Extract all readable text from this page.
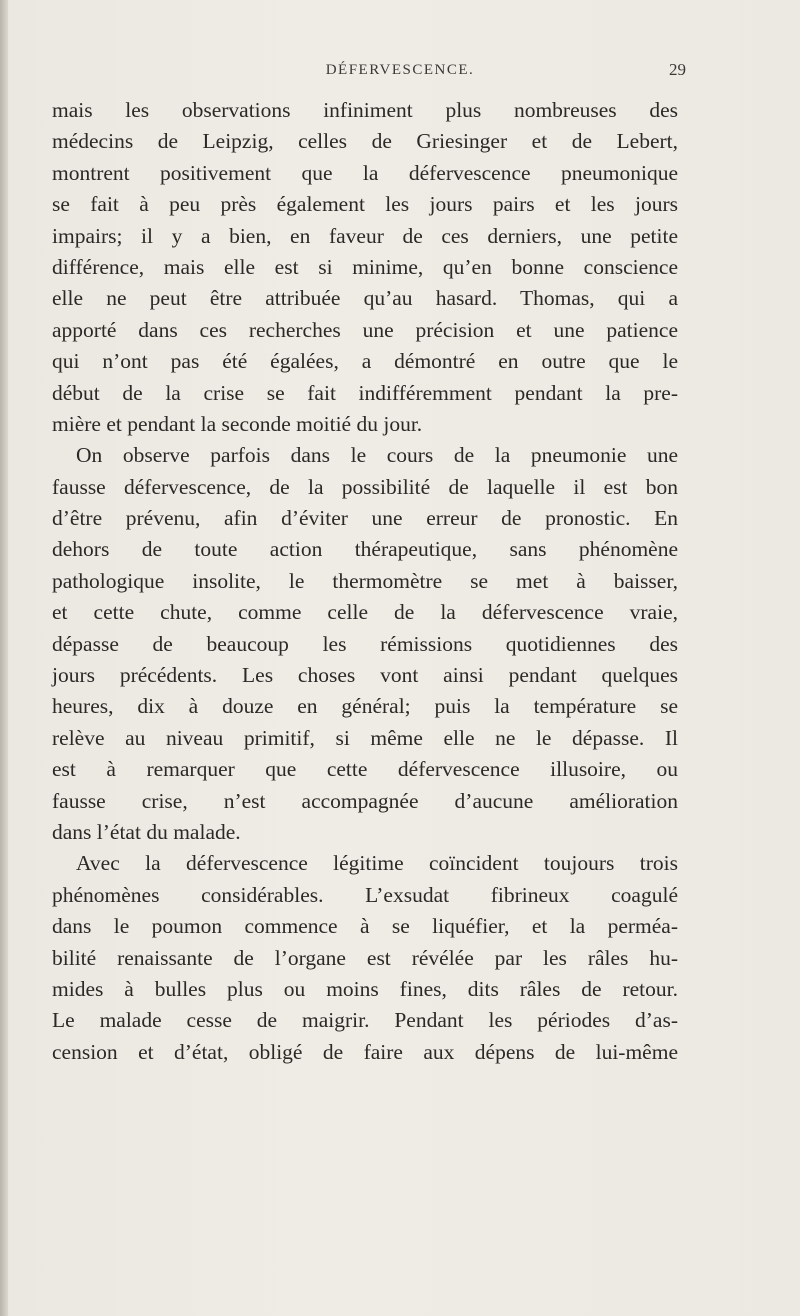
DÉFERVESCENCE.	29
mais les observations infiniment plus nombreuses des
médecins de Leipzig, celles de Griesinger et de Lebert,
montrent positivement que la défervescence pneumonique
se fait à peu près également les jours pairs et les jours
impairs; il y a bien, en faveur de ces derniers, une petite
différence, mais elle est si minime, qu’en bonne conscience
elle ne peut être attribuée qu’au hasard. Thomas, qui a
apporté dans ces recherches une précision et une patience
qui n’ont pas été égalées, a démontré en outre que le
début de la crise se fait indifféremment pendant la pre-
mière et pendant la seconde moitié du jour.
On observe parfois dans le cours de la pneumonie une
fausse défervescence, de la possibilité de laquelle il est bon
d’être prévenu, afin d’éviter une erreur de pronostic. En
dehors de toute action thérapeutique, sans phénomène
pathologique insolite, le thermomètre se met à baisser,
et cette chute, comme celle de la défervescence vraie,
dépasse de beaucoup les rémissions quotidiennes des
jours précédents. Les choses vont ainsi pendant quelques
heures, dix à douze en général; puis la température se
relève au niveau primitif, si même elle ne le dépasse. Il
est à remarquer que cette défervescence illusoire, ou
fausse crise, n’est accompagnée d’aucune amélioration
dans l’état du malade.
Avec la défervescence légitime coïncident toujours trois
phénomènes considérables. L’exsudat fibrineux coagulé
dans le poumon commence à se liquéfier, et la perméa-
bilité renaissante de l’organe est révélée par les râles hu-
mides à bulles plus ou moins fines, dits râles de retour.
Le malade cesse de maigrir. Pendant les périodes d’as-
cension et d’état, obligé de faire aux dépens de lui-même
